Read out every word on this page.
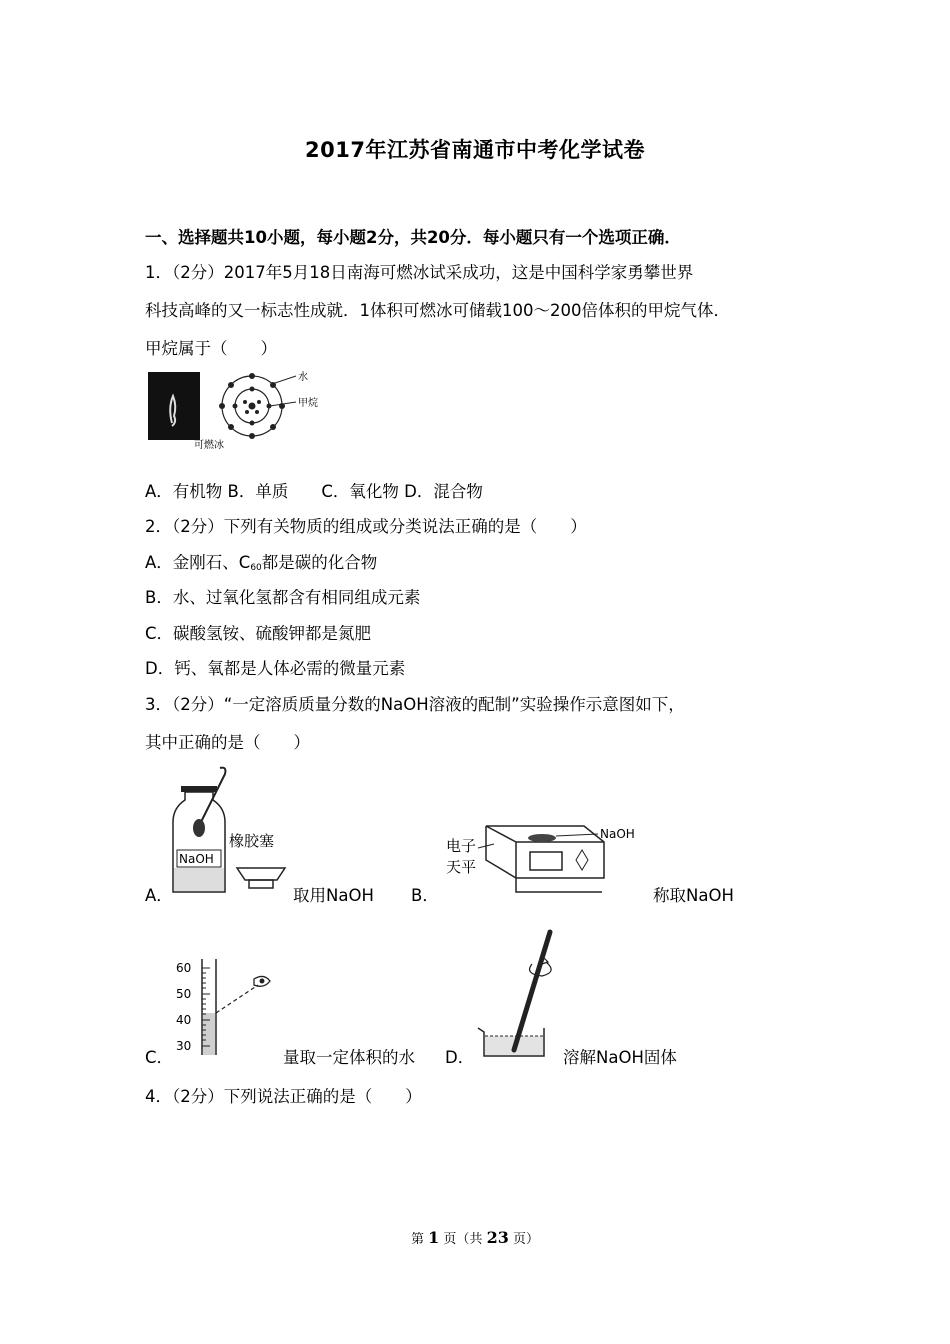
2017年江苏省南通市中考化学试卷
一、选择题共10小题，每小题2分，共20分．每小题只有一个选项正确．
1．（2分）2017年5月18日南海可燃冰试采成功，这是中国科学家勇攀世界
科技高峰的又一标志性成就．1体积可燃冰可储载100～200倍体积的甲烷气体．
甲烷属于（　　）
水
甲烷
可燃冰
A．有机物 B．单质　　C．氧化物 D．混合物
2．（2分）下列有关物质的组成或分类说法正确的是（　　）
A．金刚石、$C_{60}$都是碳的化合物
B．水、过氧化氢都含有相同组成元素
C．碳酸氢铵、硫酸钾都是氮肥
D．钙、氧都是人体必需的微量元素
3．（2分）“一定溶质质量分数的NaOH溶液的配制”实验操作示意图如下，
其中正确的是（　　）
A．
NaOH
橡胶塞
取用NaOH B．
电子
天平
NaOH
称取NaOH
C．
60
50
40
30
量取一定体积的水 D．	溶解NaOH固体
4．（2分）下列说法正确的是（　　）
第 1 页（共 23 页）
